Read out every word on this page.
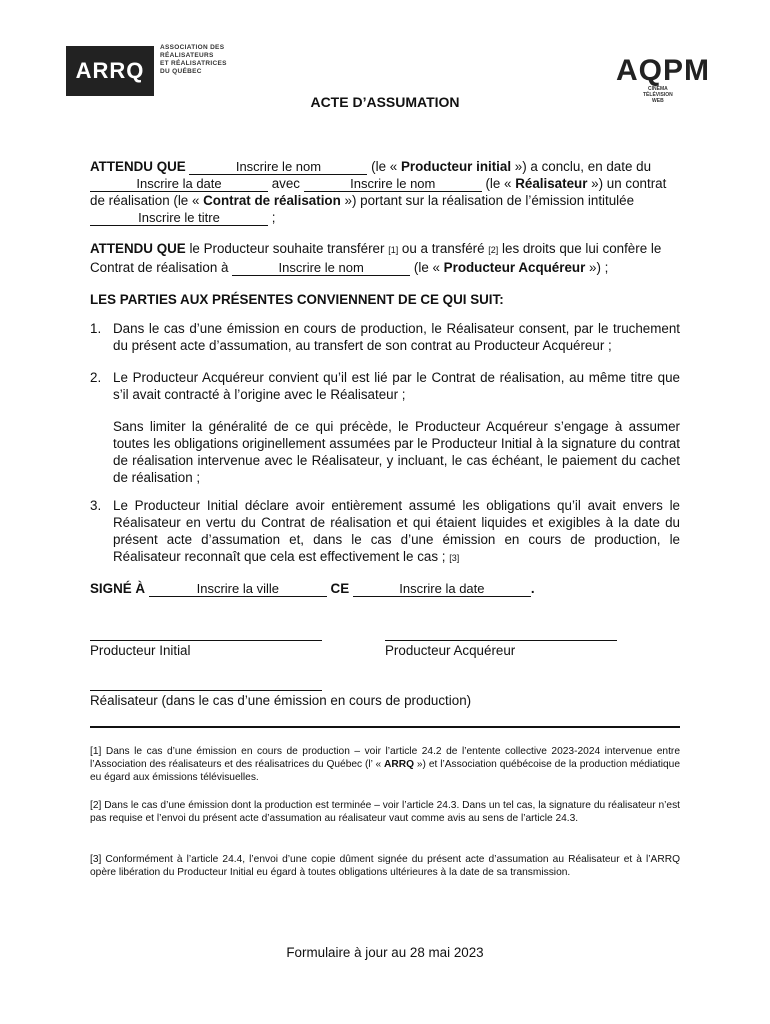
ARRQ
ASSOCIATION DES
RÉALISATEURS
ET RÉALISATRICES
DU QUÉBEC	AQPM
CINÉMA
TÉLÉVISION
WEB
ACTE D’ASSUMATION
ATTENDU QUE	Inscrire le nom	(le « Producteur initial ») a conclu, en date du
Inscrire la date	avec	Inscrire le nom	(le « Réalisateur ») un contrat
de réalisation (le « Contrat de réalisation ») portant sur la réalisation de l’émission intitulée
Inscrire le titre	;
ATTENDU QUE le Producteur souhaite transférer [1] ou a transféré [2] les droits que lui confère le
Contrat de réalisation à	Inscrire le nom	(le « Producteur Acquéreur ») ;
LES PARTIES AUX PRÉSENTES CONVIENNENT DE CE QUI SUIT:
1. Dans le cas d’une émission en cours de production, le Réalisateur consent, par le truchement du présent acte d’assumation, au transfert de son contrat au Producteur Acquéreur ;
2. Le Producteur Acquéreur convient qu’il est lié par le Contrat de réalisation, au même titre que s’il avait contracté à l’origine avec le Réalisateur ;
Sans limiter la généralité de ce qui précède, le Producteur Acquéreur s’engage à assumer toutes les obligations originellement assumées par le Producteur Initial à la signature du contrat de réalisation intervenue avec le Réalisateur, y incluant, le cas échéant, le paiement du cachet de réalisation ;
3. Le Producteur Initial déclare avoir entièrement assumé les obligations qu’il avait envers le Réalisateur en vertu du Contrat de réalisation et qui étaient liquides et exigibles à la date du présent acte d’assumation et, dans le cas d’une émission en cours de production, le Réalisateur reconnaît que cela est effectivement le cas ; [3]
SIGNÉ À	Inscrire la ville	CE	Inscrire la date	.
Producteur Initial	Producteur Acquéreur
Réalisateur (dans le cas d’une émission en cours de production)
[1] Dans le cas d’une émission en cours de production – voir l’article 24.2 de l’entente collective 2023-2024 intervenue entre l’Association des réalisateurs et des réalisatrices du Québec (l’ « ARRQ ») et l’Association québécoise de la production médiatique eu égard aux émissions télévisuelles.
[2] Dans le cas d’une émission dont la production est terminée – voir l’article 24.3. Dans un tel cas, la signature du réalisateur n’est pas requise et l’envoi du présent acte d’assumation au réalisateur vaut comme avis au sens de l’article 24.3.
[3] Conformément à l’article 24.4, l’envoi d’une copie dûment signée du présent acte d’assumation au Réalisateur et à l’ARRQ opère libération du Producteur Initial eu égard à toutes obligations ultérieures à la date de sa transmission.
Formulaire à jour au 28 mai 2023
